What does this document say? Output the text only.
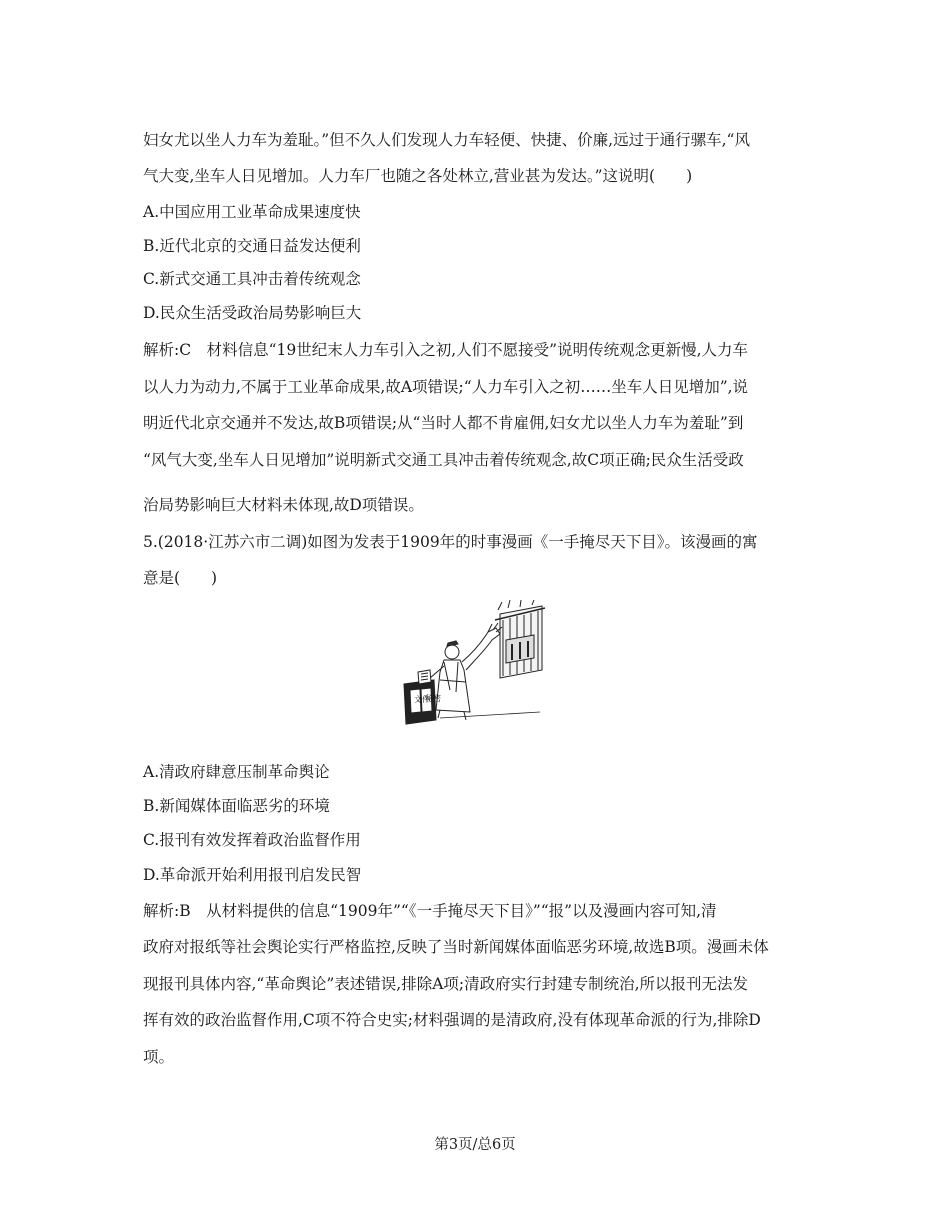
妇女尤以坐人力车为羞耻。”但不久人们发现人力车轻便、快捷、价廉,远过于通行骡车,“风
气大变,坐车人日见增加。人力车厂也随之各处林立,营业甚为发达。”这说明(　　)
A.中国应用工业革命成果速度快
B.近代北京的交通日益发达便利
C.新式交通工具冲击着传统观念
D.民众生活受政治局势影响巨大
解析:C　材料信息“19世纪末人力车引入之初,人们不愿接受”说明传统观念更新慢,人力车
以人力为动力,不属于工业革命成果,故A项错误;“人力车引入之初……坐车人日见增加”,说
明近代北京交通并不发达,故B项错误;从“当时人都不肯雇佣,妇女尤以坐人力车为羞耻”到
“风气大变,坐车人日见增加”说明新式交通工具冲击着传统观念,故C项正确;民众生活受政
治局势影响巨大材料未体现,故D项错误。
5.(2018·江苏六市二调)如图为发表于1909年的时事漫画《一手掩尽天下目》。该漫画的寓
意是(　　)
文件
秘密
A.清政府肆意压制革命舆论
B.新闻媒体面临恶劣的环境
C.报刊有效发挥着政治监督作用
D.革命派开始利用报刊启发民智
解析:B　从材料提供的信息“1909年”“《一手掩尽天下目》”“报”以及漫画内容可知,清
政府对报纸等社会舆论实行严格监控,反映了当时新闻媒体面临恶劣环境,故选B项。漫画未体
现报刊具体内容,“革命舆论”表述错误,排除A项;清政府实行封建专制统治,所以报刊无法发
挥有效的政治监督作用,C项不符合史实;材料强调的是清政府,没有体现革命派的行为,排除D
项。
第3页/总6页
